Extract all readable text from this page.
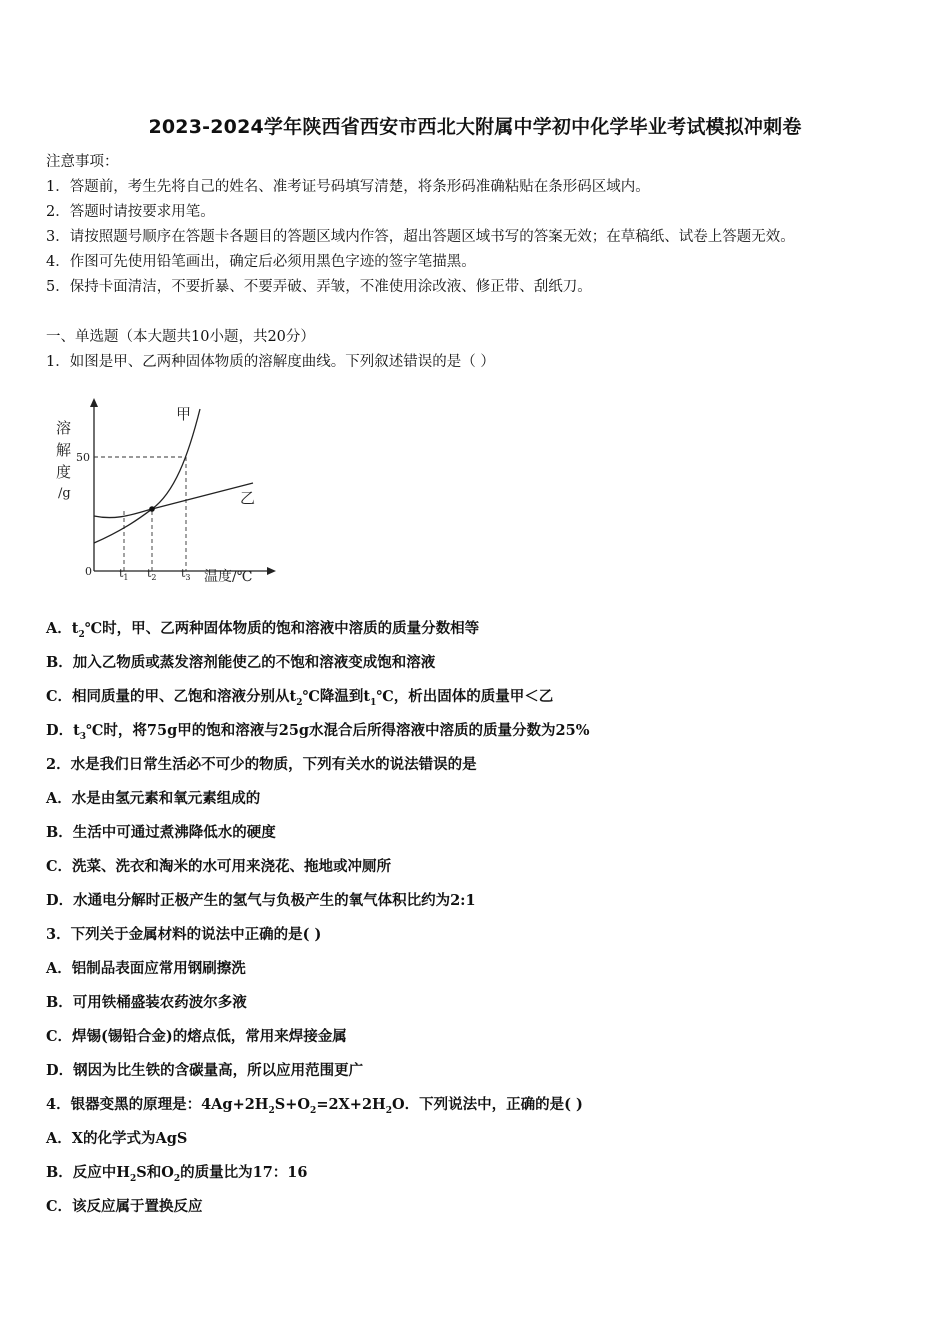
2023-2024学年陕西省西安市西北大附属中学初中化学毕业考试模拟冲刺卷
注意事项：
1．答题前，考生先将自己的姓名、准考证号码填写清楚，将条形码准确粘贴在条形码区域内。
2．答题时请按要求用笔。
3．请按照题号顺序在答题卡各题目的答题区域内作答，超出答题区域书写的答案无效；在草稿纸、试卷上答题无效。
4．作图可先使用铅笔画出，确定后必须用黑色字迹的签字笔描黑。
5．保持卡面清洁，不要折暴、不要弄破、弄皱，不准使用涂改液、修正带、刮纸刀。
一、单选题（本大题共10小题，共20分）
1．如图是甲、乙两种固体物质的溶解度曲线。下列叙述错误的是（ ）
溶
解
度
/g
50
0 $t_1$ $t_2$ $t_3$ 温度/℃
甲
乙
A．$t_2℃$时，甲、乙两种固体物质的饱和溶液中溶质的质量分数相等
B．加入乙物质或蒸发溶剂能使乙的不饱和溶液变成饱和溶液
C．相同质量的甲、乙饱和溶液分别从$t_2℃$降温到$t_1℃$，析出固体的质量甲＜乙
D．$t_3℃$时，将75g甲的饱和溶液与25g水混合后所得溶液中溶质的质量分数为25%
2．水是我们日常生活必不可少的物质，下列有关水的说法错误的是
A．水是由氢元素和氧元素组成的
B．生活中可通过煮沸降低水的硬度
C．洗菜、洗衣和淘米的水可用来浇花、拖地或冲厕所
D．水通电分解时正极产生的氢气与负极产生的氧气体积比约为2:1
3．下列关于金属材料的说法中正确的是( )
A．铝制品表面应常用钢刷擦洗
B．可用铁桶盛装农药波尔多液
C．焊锡(锡铅合金)的熔点低，常用来焊接金属
D．钢因为比生铁的含碳量高，所以应用范围更广
4．银器变黑的原理是：$4Ag+2H_2S+O_2=2X+2H_2O$．下列说法中，正确的是( )
A．X的化学式为AgS
B．反应中$H_2S$和$O_2$的质量比为17：16
C．该反应属于置换反应
